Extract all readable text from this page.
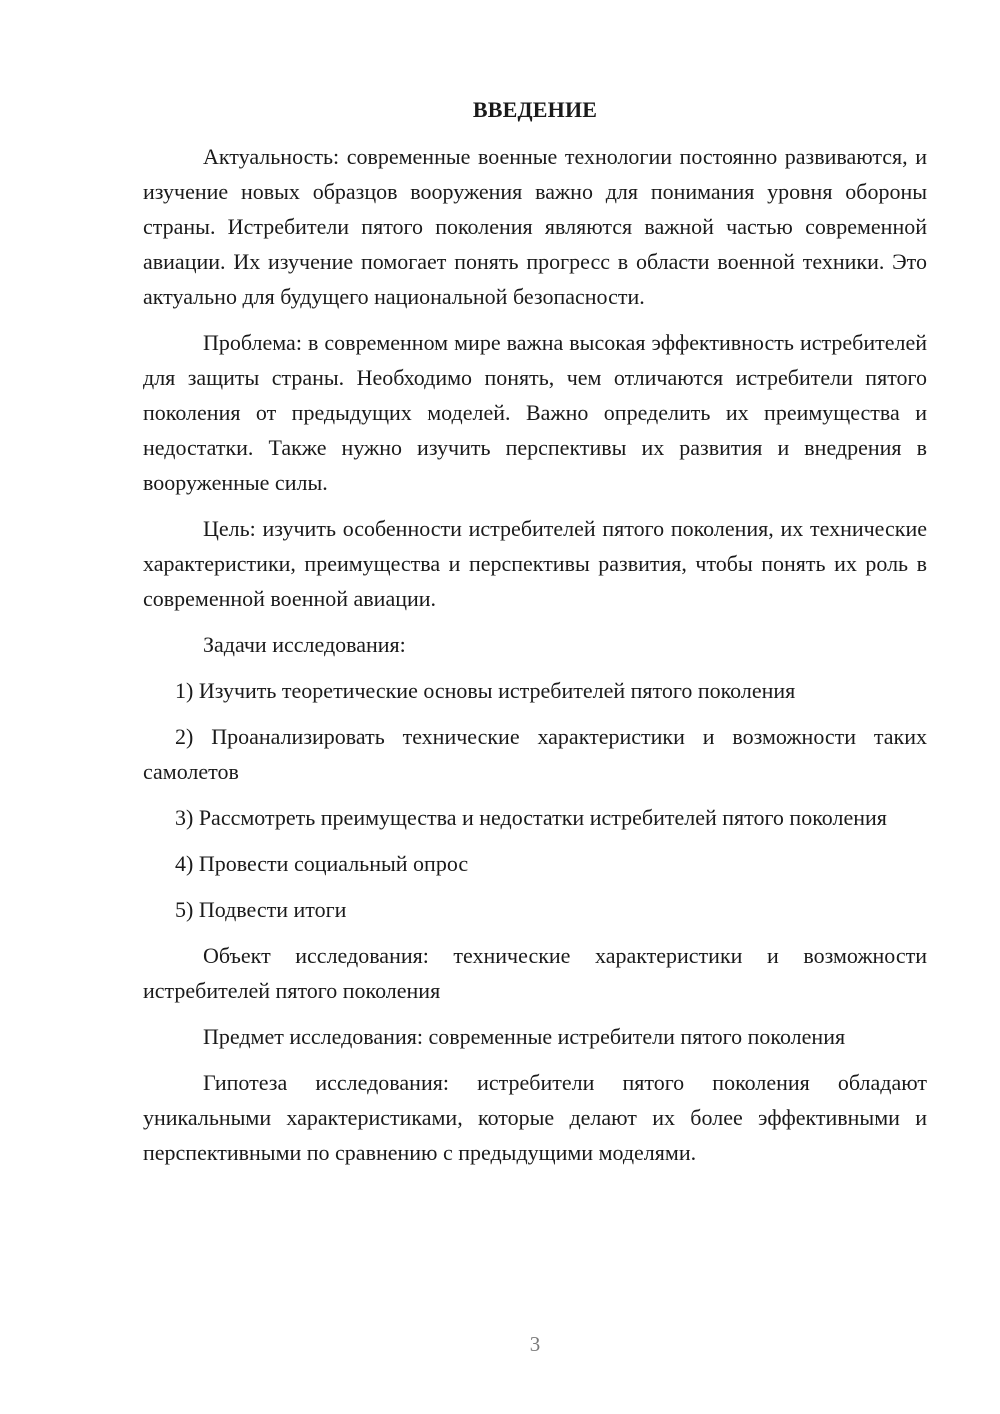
ВВЕДЕНИЕ
Актуальность: современные военные технологии постоянно развиваются, и изучение новых образцов вооружения важно для понимания уровня обороны страны. Истребители пятого поколения являются важной частью современной авиации. Их изучение помогает понять прогресс в области военной техники. Это актуально для будущего национальной безопасности.
Проблема: в современном мире важна высокая эффективность истребителей для защиты страны. Необходимо понять, чем отличаются истребители пятого поколения от предыдущих моделей. Важно определить их преимущества и недостатки. Также нужно изучить перспективы их развития и внедрения в вооруженные силы.
Цель: изучить особенности истребителей пятого поколения, их технические характеристики, преимущества и перспективы развития, чтобы понять их роль в современной военной авиации.
Задачи исследования:
1) Изучить теоретические основы истребителей пятого поколения
2) Проанализировать технические характеристики и возможности таких самолетов
3) Рассмотреть преимущества и недостатки истребителей пятого поколения
4) Провести социальный опрос
5) Подвести итоги
Объект исследования: технические характеристики и возможности истребителей пятого поколения
Предмет исследования: современные истребители пятого поколения
Гипотеза исследования: истребители пятого поколения обладают уникальными характеристиками, которые делают их более эффективными и перспективными по сравнению с предыдущими моделями.
3
